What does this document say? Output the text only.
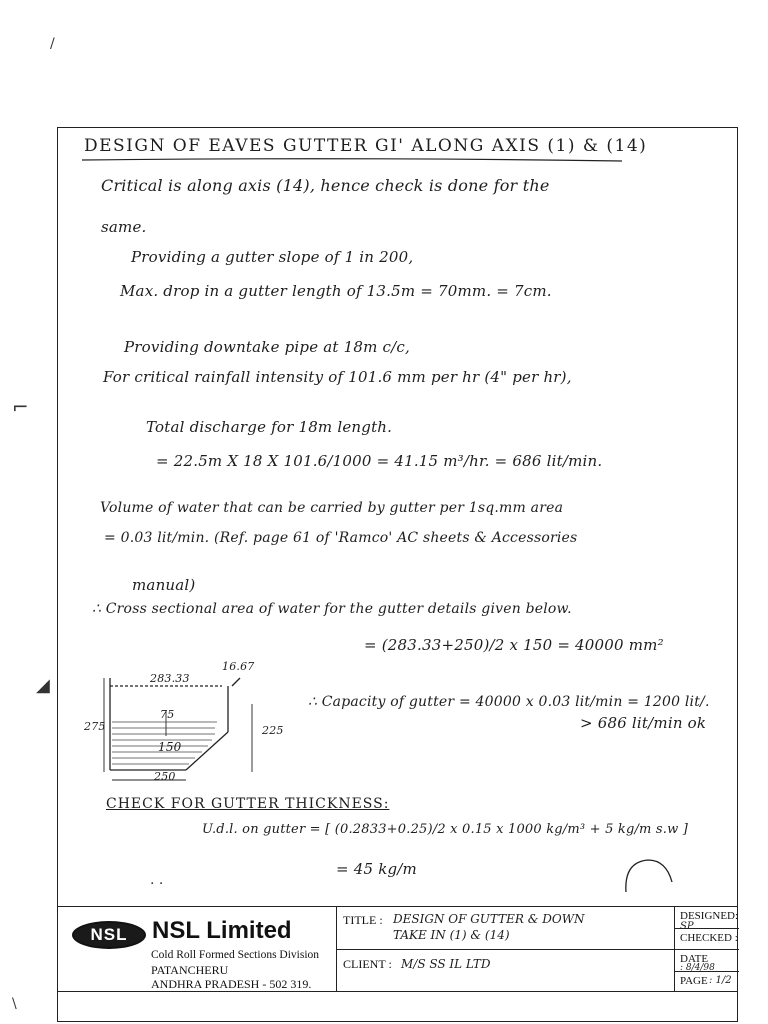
/
⌐
◢
\
DESIGN OF EAVES GUTTER GI' ALONG AXIS (1) & (14)
Critical is along axis (14), hence check is done for the
same.
Providing a gutter slope of 1 in 200,
Max. drop in a gutter length of 13.5m = 70mm. = 7cm.
Providing downtake pipe at 18m c/c,
For critical rainfall intensity of 101.6 mm per hr (4" per hr),
Total discharge for 18m length.
= 22.5m X 18 X 101.6/1000 = 41.15 m³/hr. = 686 lit/min.
Volume of water that can be carried by gutter per 1sq.mm area
= 0.03 lit/min. (Ref. page 61 of 'Ramco' AC sheets & Accessories
manual)
∴ Cross sectional area of water for the gutter details given below.
= (283.33+250)/2 x 150 = 40000 mm²
∴ Capacity of gutter = 40000 x 0.03 lit/min = 1200 lit/.
> 686 lit/min ok
283.33
16.67
275
75
225
150
250
CHECK FOR GUTTER THICKNESS:
U.d.l. on gutter = [ (0.2833+0.25)/2 x 0.15 x 1000 kg/m³ + 5 kg/m s.w ]
= 45 kg/m
. .
NSL NSL Limited
Cold Roll Formed Sections Division
PATANCHERU
ANDHRA PRADESH - 502 319.
TITLE : DESIGN OF GUTTER & DOWN TAKE IN (1) & (14)
CLIENT : M/S SS IL LTD
DESIGNED:
SP
CHECKED :
DATE
: 8/4/98
PAGE : 1/2
